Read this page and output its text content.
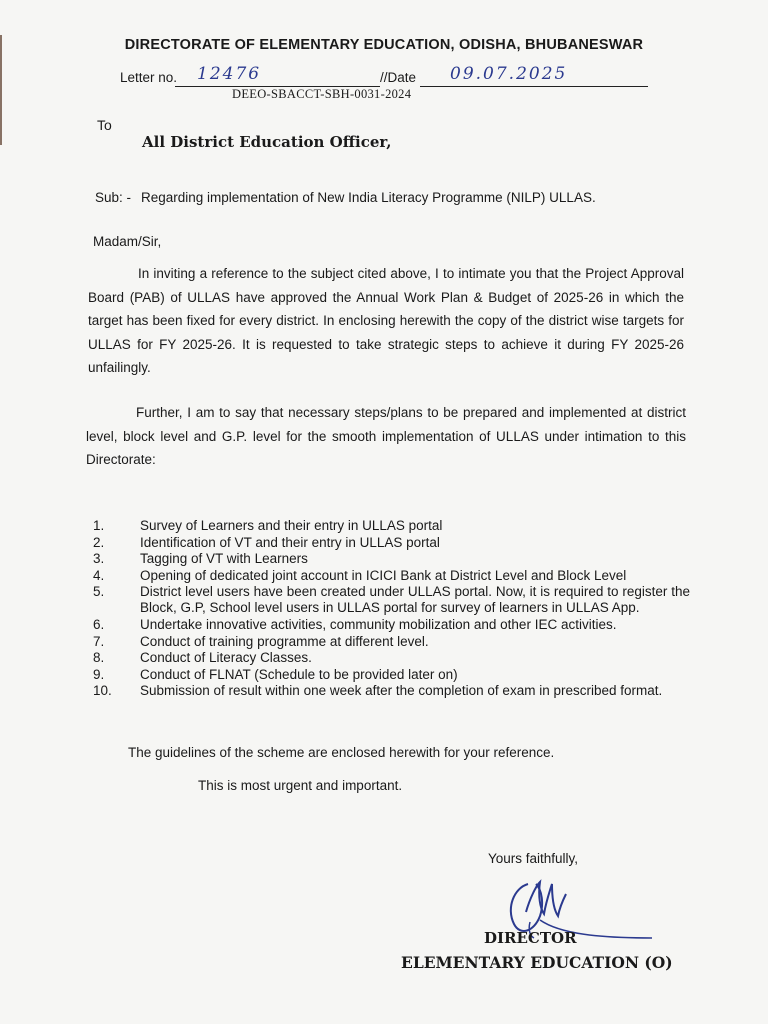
DIRECTORATE OF ELEMENTARY EDUCATION, ODISHA, BHUBANESWAR
Letter no. 12476	//Date 09.07.2025
DEEO-SBACCT-SBH-0031-2024
To
All District Education Officer,
Sub: - Regarding implementation of New India Literacy Programme (NILP) ULLAS.
Madam/Sir,
In inviting a reference to the subject cited above, I to intimate you that the Project Approval Board (PAB) of ULLAS have approved the Annual Work Plan & Budget of 2025-26 in which the target has been fixed for every district. In enclosing herewith the copy of the district wise targets for ULLAS for FY 2025-26. It is requested to take strategic steps to achieve it during FY 2025-26 unfailingly.
Further, I am to say that necessary steps/plans to be prepared and implemented at district level, block level and G.P. level for the smooth implementation of ULLAS under intimation to this Directorate:
1.	Survey of Learners and their entry in ULLAS portal
2.	Identification of VT and their entry in ULLAS portal
3.	Tagging of VT with Learners
4.	Opening of dedicated joint account in ICICI Bank at District Level and Block Level
5.	District level users have been created under ULLAS portal. Now, it is required to register the Block, G.P, School level users in ULLAS portal for survey of learners in ULLAS App.
6.	Undertake innovative activities, community mobilization and other IEC activities.
7.	Conduct of training programme at different level.
8.	Conduct of Literacy Classes.
9.	Conduct of FLNAT (Schedule to be provided later on)
10.	Submission of result within one week after the completion of exam in prescribed format.
The guidelines of the scheme are enclosed herewith for your reference.
This is most urgent and important.
Yours faithfully,
DIRECTOR
ELEMENTARY EDUCATION (O)
